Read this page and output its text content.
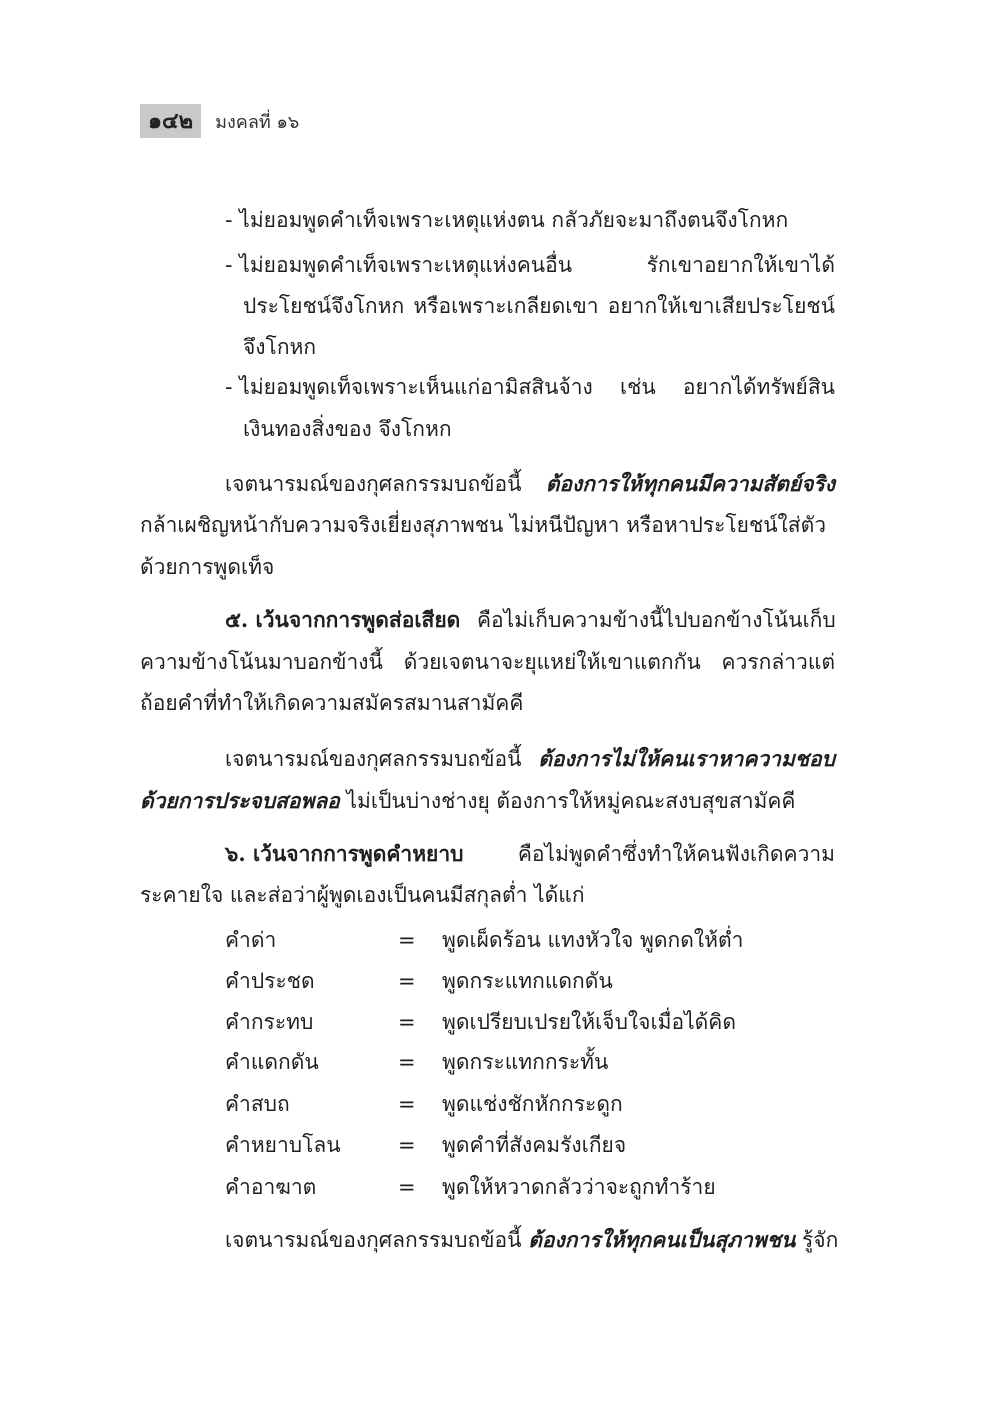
๑๔๒	มงคลที่ ๑๖
- ไม่ยอมพูดคำเท็จเพราะเหตุแห่งตน กลัวภัยจะมาถึงตนจึงโกหก
- ไม่ยอมพูดคำเท็จเพราะเหตุแห่งคนอื่น	รักเขาอยากให้เขาได้
ประโยชน์จึงโกหก หรือเพราะเกลียดเขา อยากให้เขาเสียประโยชน์
จึงโกหก
- ไม่ยอมพูดเท็จเพราะเห็นแก่อามิสสินจ้าง เช่น อยากได้ทรัพย์สิน
เงินทองสิ่งของ จึงโกหก
เจตนารมณ์ของกุศลกรรมบถข้อนี้ ต้องการให้ทุกคนมีความสัตย์จริง
กล้าเผชิญหน้ากับความจริงเยี่ยงสุภาพชน ไม่หนีปัญหา หรือหาประโยชน์ใส่ตัว
ด้วยการพูดเท็จ
๕. เว้นจากการพูดส่อเสียด คือไม่เก็บความข้างนี้ไปบอกข้างโน้น เก็บ
ความข้างโน้นมาบอกข้างนี้ ด้วยเจตนาจะยุแหย่ให้เขาแตกกัน ควรกล่าวแต่
ถ้อยคำที่ทำให้เกิดความสมัครสมานสามัคคี
เจตนารมณ์ของกุศลกรรมบถข้อนี้ ต้องการไม่ให้คนเราหาความชอบ
ด้วยการประจบสอพลอ ไม่เป็นบ่างช่างยุ ต้องการให้หมู่คณะสงบสุขสามัคคี
๖. เว้นจากการพูดคำหยาบ	คือไม่พูดคำซึ่งทำให้คนฟังเกิดความ
ระคายใจ และส่อว่าผู้พูดเองเป็นคนมีสกุลต่ำ ได้แก่
คำด่า	= พูดเผ็ดร้อน แทงหัวใจ พูดกดให้ต่ำ
คำประชด	= พูดกระแทกแดกดัน
คำกระทบ	= พูดเปรียบเปรยให้เจ็บใจเมื่อได้คิด
คำแดกดัน	= พูดกระแทกกระทั้น
คำสบถ	= พูดแช่งชักหักกระดูก
คำหยาบโลน	= พูดคำที่สังคมรังเกียจ
คำอาฆาต	= พูดให้หวาดกลัวว่าจะถูกทำร้าย
เจตนารมณ์ของกุศลกรรมบถข้อนี้ ต้องการให้ทุกคนเป็นสุภาพชน รู้จัก
